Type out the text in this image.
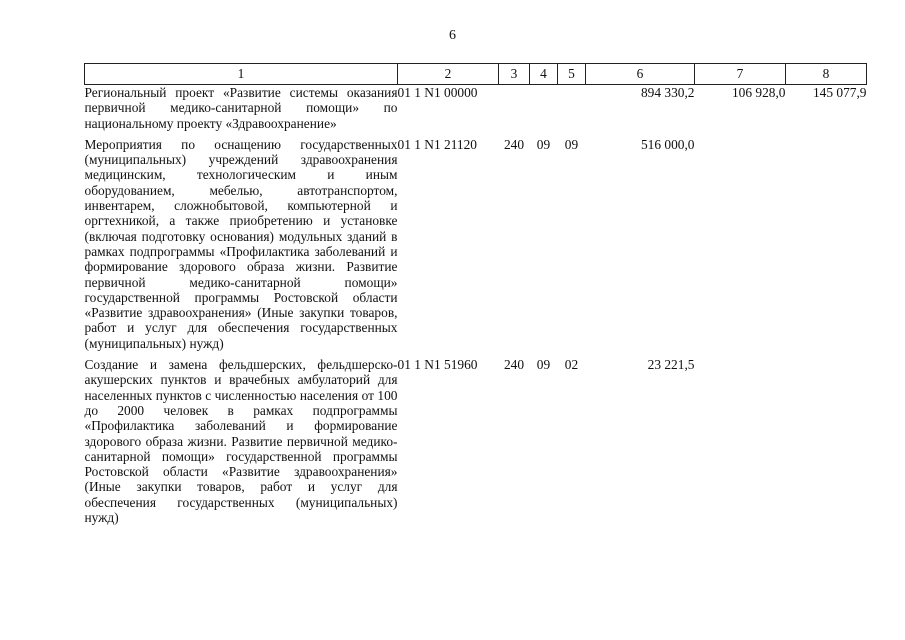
6
1	2	3	4	5	6	7	8
Региональный проект «Развитие системы оказания первичной медико-санитарной помощи» по национальному проекту «Здравоохранение»	01 1 N1 00000				894 330,2	106 928,0	145 077,9

Мероприятия по оснащению государственных (муниципальных) учреждений здравоохранения медицинским, технологическим и иным оборудованием, мебелью, автотранспортом, инвентарем, сложнобытовой, компьютерной и оргтехникой, а также приобретению и установке (включая подготовку основания) модульных зданий в рамках подпрограммы «Профилактика заболеваний и формирование здорового образа жизни. Развитие первичной медико-санитарной помощи» государственной программы Ростовской области «Развитие здравоохранения» (Иные закупки товаров, работ и услуг для обеспечения государственных (муниципальных) нужд)	01 1 N1 21120	240	09	09	516 000,0		

Создание и замена фельдшерских, фельдшерско-акушерских пунктов и врачебных амбулаторий для населенных пунктов с численностью населения от 100 до 2000 человек в рамках подпрограммы «Профилактика заболеваний и формирование здорового образа жизни. Развитие первичной медико-санитарной помощи» государственной программы Ростовской области «Развитие здравоохранения» (Иные закупки товаров, работ и услуг для обеспечения государственных (муниципальных) нужд)	01 1 N1 51960	240	09	02	23 221,5		
